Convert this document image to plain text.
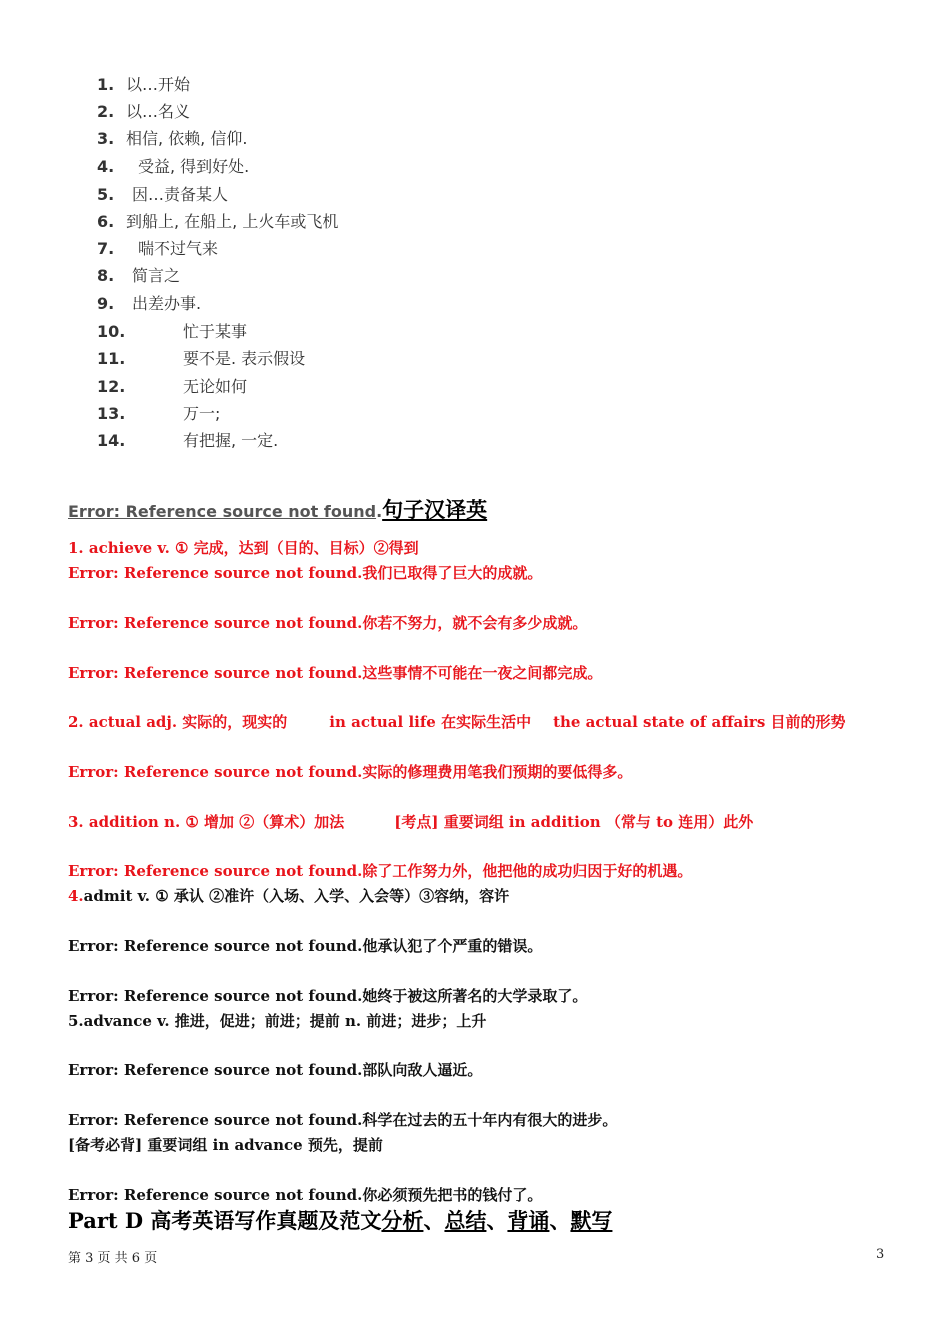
1. 以…开始
2. 以…名义
3. 相信, 依赖, 信仰.
4. 受益, 得到好处.
5. 因…责备某人
6. 到船上, 在船上, 上火车或飞机
7. 喘不过气来
8. 简言之
9. 出差办事.
10.	忙于某事
11.	要不是. 表示假设
12.	无论如何
13.	万一;
14.	有把握, 一定.
Error: Reference source not found.句子汉译英
1. achieve v. ① 完成，达到（目的、目标）②得到
Error: Reference source not found.我们已取得了巨大的成就。
Error: Reference source not found.你若不努力，就不会有多少成就。
Error: Reference source not found.这些事情不可能在一夜之间都完成。
2. actual adj. 实际的，现实的	in actual life 在实际生活中 the actual state of affairs 目前的形势
Error: Reference source not found.实际的修理费用笔我们预期的要低得多。
3. addition n. ① 增加 ②（算术）加法	[考点] 重要词组 in addition （常与 to 连用）此外
Error: Reference source not found.除了工作努力外，他把他的成功归因于好的机遇。
4.admit v. ① 承认 ②准许（入场、入学、入会等）③容纳，容许
Error: Reference source not found.他承认犯了个严重的错误。
Error: Reference source not found.她终于被这所著名的大学录取了。
5.advance v. 推进，促进；前进；提前 n. 前进；进步；上升
Error: Reference source not found.部队向敌人逼近。
Error: Reference source not found.科学在过去的五十年内有很大的进步。
[备考必背] 重要词组 in advance 预先，提前
Error: Reference source not found.你必须预先把书的钱付了。
Part D 高考英语写作真题及范文分析、总结、背诵、默写
第 3 页 共 6 页	3
